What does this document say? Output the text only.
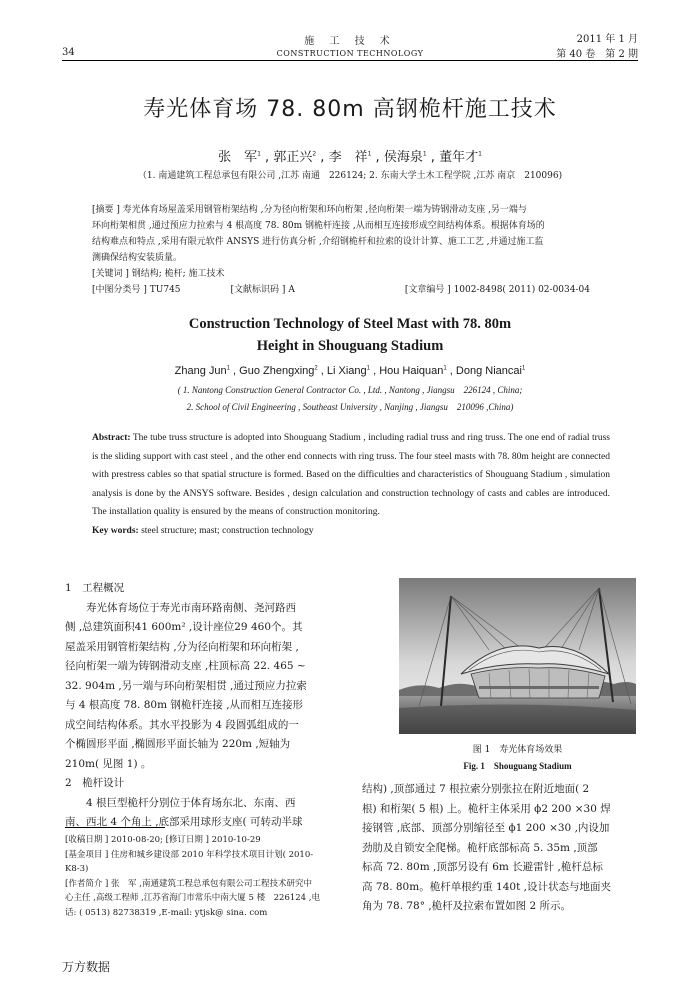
施 工 技 术
CONSTRUCTION TECHNOLOGY
2011 年 1 月
第 40 卷　第 2 期
34
寿光体育场 78. 80m 高钢桅杆施工技术
张　军$^1$ , 郭正兴$^2$ , 李　祥$^1$ , 侯海泉$^1$ , 董年才$^1$
（1. 南通建筑工程总承包有限公司 ,江苏 南通　226124; 2. 东南大学土木工程学院 ,江苏 南京　210096)
[摘要 ] 寿光体育场屋盖采用钢管桁架结构 ,分为径向桁架和环向桁架 ,径向桁架一端为铸钢滑动支座 ,另一端与
环向桁架相贯 ,通过预应力拉索与 4 根高度 78. 80m 钢桅杆连接 ,从而相互连接形成空间结构体系。根据体育场的
结构难点和特点 ,采用有限元软件 ANSYS 进行仿真分析 ,介绍钢桅杆和拉索的设计计算、施工工艺 ,并通过施工监
测确保结构安装质量。
[关键词 ] 钢结构; 桅杆; 施工技术
[中图分类号 ] TU745	[文献标识码 ] A	[文章编号 ] 1002-8498( 2011) 02-0034-04
Construction Technology of Steel Mast with 78. 80m
Height in Shouguang Stadium
Zhang Jun$^1$ , Guo Zhengxing$^2$ , Li Xiang$^1$ , Hou Haiquan$^1$ , Dong Niancai$^1$
( 1. Nantong Construction General Contractor Co. , Ltd. , Nantong , Jiangsu　226124 , China;
2. School of Civil Engineering , Southeast University , Nanjing , Jiangsu　210096 ,China)
Abstract: The tube truss structure is adopted into Shouguang Stadium , including radial truss and ring truss. The one end of radial truss is the sliding support with cast steel , and the other end connects with ring truss. The four steel masts with 78. 80m height are connected with prestress cables so that spatial structure is formed. Based on the difficulties and characteristics of Shouguang Stadium , simulation analysis is done by the ANSYS software. Besides , design calculation and construction technology of casts and cables are introduced. The installation quality is ensured by the means of construction monitoring.
Key words: steel structure; mast; construction technology
1　 工程概况
寿光体育场位于寿光市南环路南侧、尧河路西
侧 ,总建筑面积41 600m² ,设计座位29 460个。其
屋盖采用钢管桁架结构 ,分为径向桁架和环向桁架 ,
径向桁架一端为铸钢滑动支座 ,柱顶标高 22. 465 ~
32. 904m ,另一端与环向桁架相贯 ,通过预应力拉索
与 4 根高度 78. 80m 钢桅杆连接 ,从而相互连接形
成空间结构体系。其水平投影为 4 段圆弧组成的一
个椭圆形平面 ,椭圆形平面长轴为 220m ,短轴为
210m( 见图 1) 。
2　 桅杆设计
4 根巨型桅杆分别位于体育场东北、东南、西
南、西北 4 个角上 ,底部采用球形支座( 可转动半球
图 1　寿光体育场效果
Fig. 1　Shouguang Stadium
结构) ,顶部通过 7 根拉索分别张拉在附近地面( 2
根) 和桁架( 5 根) 上。桅杆主体采用 ϕ2 200 ×30 焊
接钢管 ,底部、顶部分别缩径至 ϕ1 200 ×30 ,内设加
劲肋及自锁安全爬梯。桅杆底部标高 5. 35m ,顶部
标高 72. 80m ,顶部另设有 6m 长避雷针 ,桅杆总标
高 78. 80m。桅杆单根约重 140t ,设计状态与地面夹
角为 78. 78° ,桅杆及拉索布置如图 2 所示。
[收稿日期 ] 2010-08-20; [修订日期 ] 2010-10-29
[基金项目 ] 住房和城乡建设部 2010 年科学技术项目计划( 2010-
K8-3)
[作者简介 ] 张　军 ,南通建筑工程总承包有限公司工程技术研究中
心主任 ,高级工程师 ,江苏省海门市常乐中南大厦 5 楼　226124 ,电
话: ( 0513) 82738319 ,E-mail: ytjsk@ sina. com
万方数据
